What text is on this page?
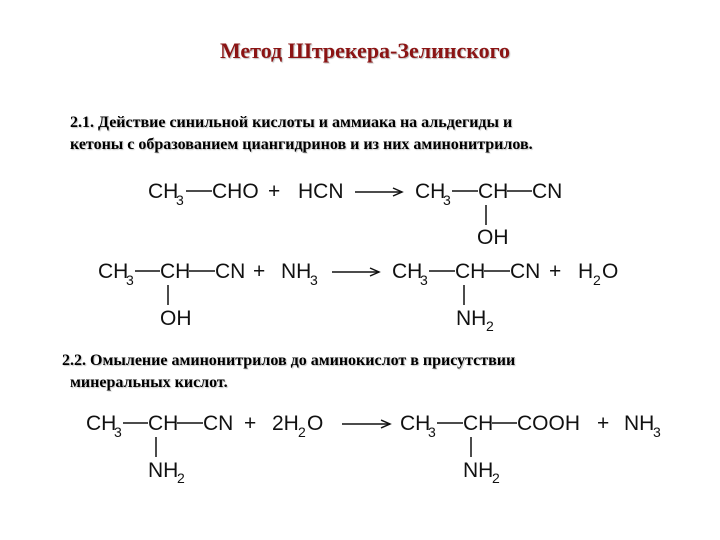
Метод Штрекера-Зелинского
2.1. Действие синильной кислоты и аммиака на альдегиды и
кетоны с образованием циангидринов и из них аминонитрилов.
2.2. Омыление аминонитрилов до аминокислот в присутствии
минеральных кислот.
CH
3 CHO + HCN	CH
3 CH CN
OH
CH
3 CH CN
OH
+ NH
3	CH
3 CH CN
NH 2
+ H 2 O
CH
3 CH CN
NH
2
+ 2H 2 O	CH
3 CH COOH
NH
2
+ NH
3
